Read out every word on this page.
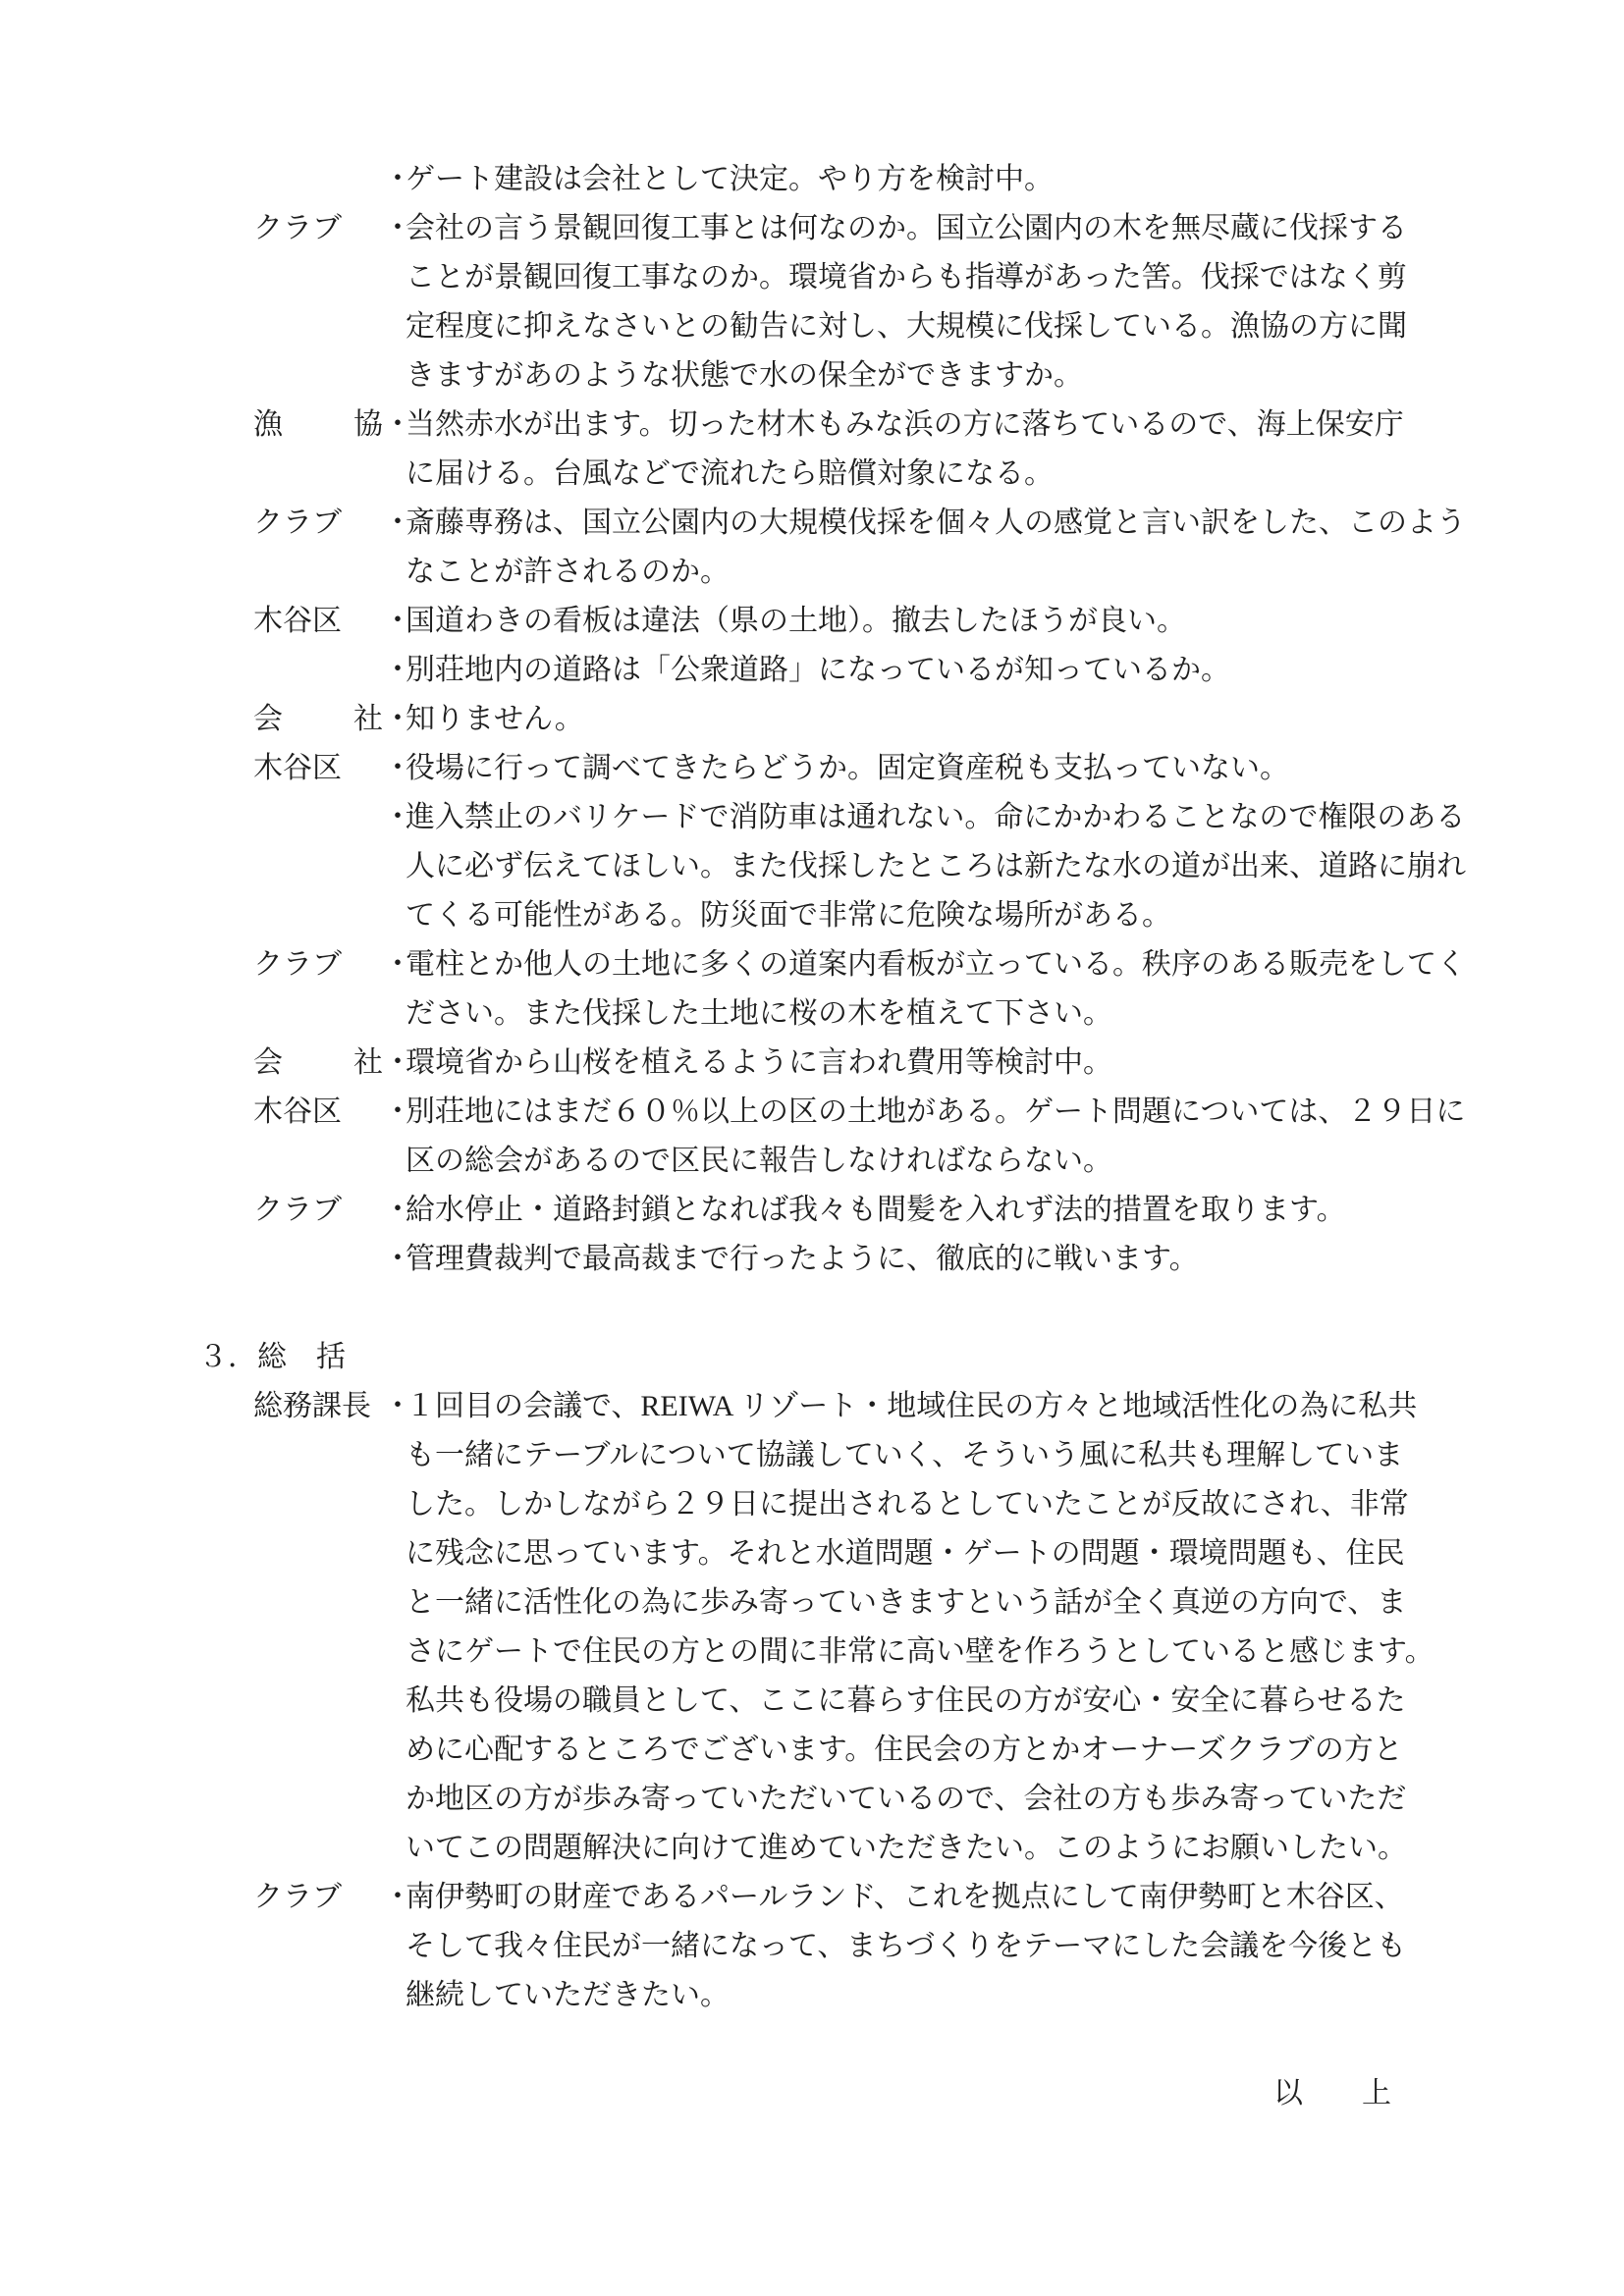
・ゲート建設は会社として決定。やり方を検討中。
クラブ	・会社の言う景観回復工事とは何なのか。国立公園内の木を無尽蔵に伐採する
ことが景観回復工事なのか。環境省からも指導があった筈。伐採ではなく剪
定程度に抑えなさいとの勧告に対し、大規模に伐採している。漁協の方に聞
きますがあのような状態で水の保全ができますか。
漁　協 ・当然赤水が出ます。切った材木もみな浜の方に落ちているので、海上保安庁
に届ける。台風などで流れたら賠償対象になる。
クラブ	・斎藤専務は、国立公園内の大規模伐採を個々人の感覚と言い訳をした、このよう
なことが許されるのか。
木谷区	・国道わきの看板は違法（県の土地）。撤去したほうが良い。
・別荘地内の道路は「公衆道路」になっているが知っているか。
会　社 ・知りません。
木谷区	・役場に行って調べてきたらどうか。固定資産税も支払っていない。
・進入禁止のバリケードで消防車は通れない。命にかかわることなので権限のある
人に必ず伝えてほしい。また伐採したところは新たな水の道が出来、道路に崩れ
てくる可能性がある。防災面で非常に危険な場所がある。
クラブ	・電柱とか他人の土地に多くの道案内看板が立っている。秩序のある販売をしてく
ださい。また伐採した土地に桜の木を植えて下さい。
会　社 ・環境省から山桜を植えるように言われ費用等検討中。
木谷区	・別荘地にはまだ６０％以上の区の土地がある。ゲート問題については、２９日に
区の総会があるので区民に報告しなければならない。
クラブ	・給水停止・道路封鎖となれば我々も間髪を入れず法的措置を取ります。
・管理費裁判で最高裁まで行ったように、徹底的に戦います。
３．総　括
総務課長 ・１回目の会議で、REIWA リゾート・地域住民の方々と地域活性化の為に私共
も一緒にテーブルについて協議していく、そういう風に私共も理解していま
した。しかしながら２９日に提出されるとしていたことが反故にされ、非常
に残念に思っています。それと水道問題・ゲートの問題・環境問題も、住民
と一緒に活性化の為に歩み寄っていきますという話が全く真逆の方向で、ま
さにゲートで住民の方との間に非常に高い壁を作ろうとしていると感じます。
私共も役場の職員として、ここに暮らす住民の方が安心・安全に暮らせるた
めに心配するところでございます。住民会の方とかオーナーズクラブの方と
か地区の方が歩み寄っていただいているので、会社の方も歩み寄っていただ
いてこの問題解決に向けて進めていただきたい。このようにお願いしたい。
クラブ	・南伊勢町の財産であるパールランド、これを拠点にして南伊勢町と木谷区、
そして我々住民が一緒になって、まちづくりをテーマにした会議を今後とも
継続していただきたい。
以　　上
